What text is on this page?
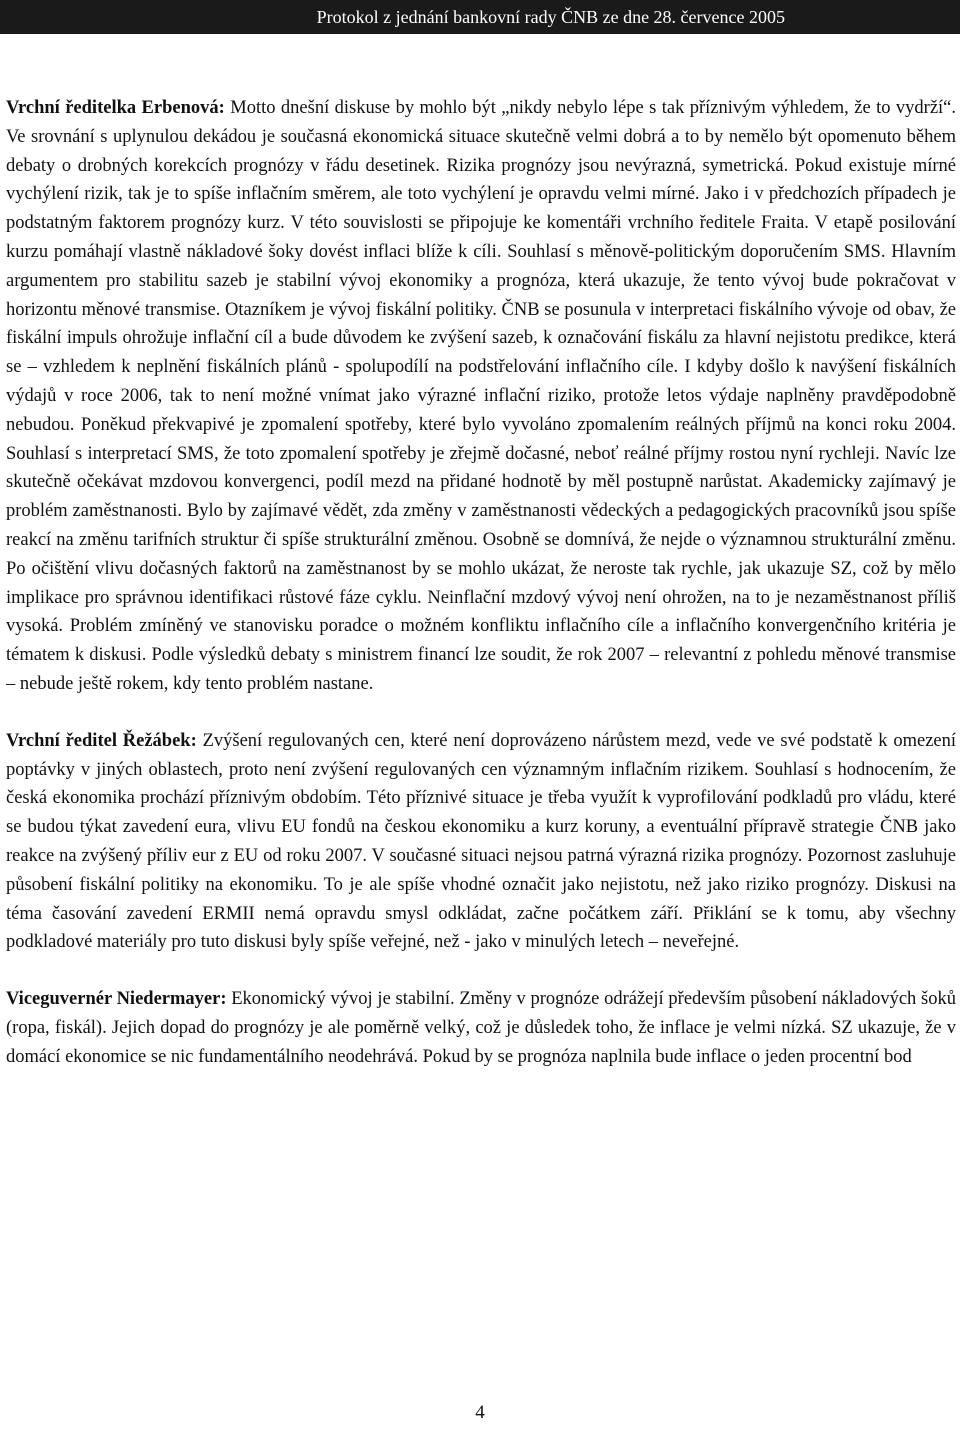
Protokol z jednání bankovní rady ČNB ze dne 28. července 2005

Vrchní ředitelka Erbenová: Motto dnešní diskuse by mohlo být „nikdy nebylo lépe s tak příznivým výhledem, že to vydrží“. Ve srovnání s uplynulou dekádou je současná ekonomická situace skutečně velmi dobrá a to by nemělo být opomenuto během debaty o drobných korekcích prognózy v řádu desetinek. Rizika prognózy jsou nevýrazná, symetrická. Pokud existuje mírné vychýlení rizik, tak je to spíše inflačním směrem, ale toto vychýlení je opravdu velmi mírné. Jako i v předchozích případech je podstatným faktorem prognózy kurz. V této souvislosti se připojuje ke komentáři vrchního ředitele Fraita. V etapě posilování kurzu pomáhají vlastně nákladové šoky dovést inflaci blíže k cíli. Souhlasí s měnově-politickým doporučením SMS. Hlavním argumentem pro stabilitu sazeb je stabilní vývoj ekonomiky a prognóza, která ukazuje, že tento vývoj bude pokračovat v horizontu měnové transmise. Otazníkem je vývoj fiskální politiky. ČNB se posunula v interpretaci fiskálního vývoje od obav, že fiskální impuls ohrožuje inflační cíl a bude důvodem ke zvýšení sazeb, k označování fiskálu za hlavní nejistotu predikce, která se – vzhledem k neplnění fiskálních plánů - spolupodílí na podstřelování inflačního cíle. I kdyby došlo k navýšení fiskálních výdajů v roce 2006, tak to není možné vnímat jako výrazné inflační riziko, protože letos výdaje naplněny pravděpodobně nebudou. Poněkud překvapivé je zpomalení spotřeby, které bylo vyvoláno zpomalením reálných příjmů na konci roku 2004. Souhlasí s interpretací SMS, že toto zpomalení spotřeby je zřejmě dočasné, neboť reálné příjmy rostou nyní rychleji. Navíc lze skutečně očekávat mzdovou konvergenci, podíl mezd na přidané hodnotě by měl postupně narůstat. Akademicky zajímavý je problém zaměstnanosti. Bylo by zajímavé vědět, zda změny v zaměstnanosti vědeckých a pedagogických pracovníků jsou spíše reakcí na změnu tarifních struktur či spíše strukturální změnou. Osobně se domnívá, že nejde o významnou strukturální změnu. Po očištění vlivu dočasných faktorů na zaměstnanost by se mohlo ukázat, že neroste tak rychle, jak ukazuje SZ, což by mělo implikace pro správnou identifikaci růstové fáze cyklu. Neinflační mzdový vývoj není ohrožen, na to je nezaměstnanost příliš vysoká. Problém zmíněný ve stanovisku poradce o možném konfliktu inflačního cíle a inflačního konvergenčního kritéria je tématem k diskusi. Podle výsledků debaty s ministrem financí lze soudit, že rok 2007 – relevantní z pohledu měnové transmise – nebude ještě rokem, kdy tento problém nastane.

Vrchní ředitel Řežábek: Zvýšení regulovaných cen, které není doprovázeno nárůstem mezd, vede ve své podstatě k omezení poptávky v jiných oblastech, proto není zvýšení regulovaných cen významným inflačním rizikem. Souhlasí s hodnocením, že česká ekonomika prochází příznivým obdobím. Této příznivé situace je třeba využít k vyprofilování podkladů pro vládu, které se budou týkat zavedení eura, vlivu EU fondů na českou ekonomiku a kurz koruny, a eventuální přípravě strategie ČNB jako reakce na zvýšený příliv eur z EU od roku 2007. V současné situaci nejsou patrná výrazná rizika prognózy. Pozornost zasluhuje působení fiskální politiky na ekonomiku. To je ale spíše vhodné označit jako nejistotu, než jako riziko prognózy. Diskusi na téma časování zavedení ERMII nemá opravdu smysl odkládat, začne počátkem září. Přiklání se k tomu, aby všechny podkladové materiály pro tuto diskusi byly spíše veřejné, než - jako v minulých letech – neveřejné.

Viceguvernér Niedermayer: Ekonomický vývoj je stabilní. Změny v prognóze odrážejí především působení nákladových šoků (ropa, fiskál). Jejich dopad do prognózy je ale poměrně velký, což je důsledek toho, že inflace je velmi nízká. SZ ukazuje, že v domácí ekonomice se nic fundamentálního neodehrává. Pokud by se prognóza naplnila bude inflace o jeden procentní bod

4
